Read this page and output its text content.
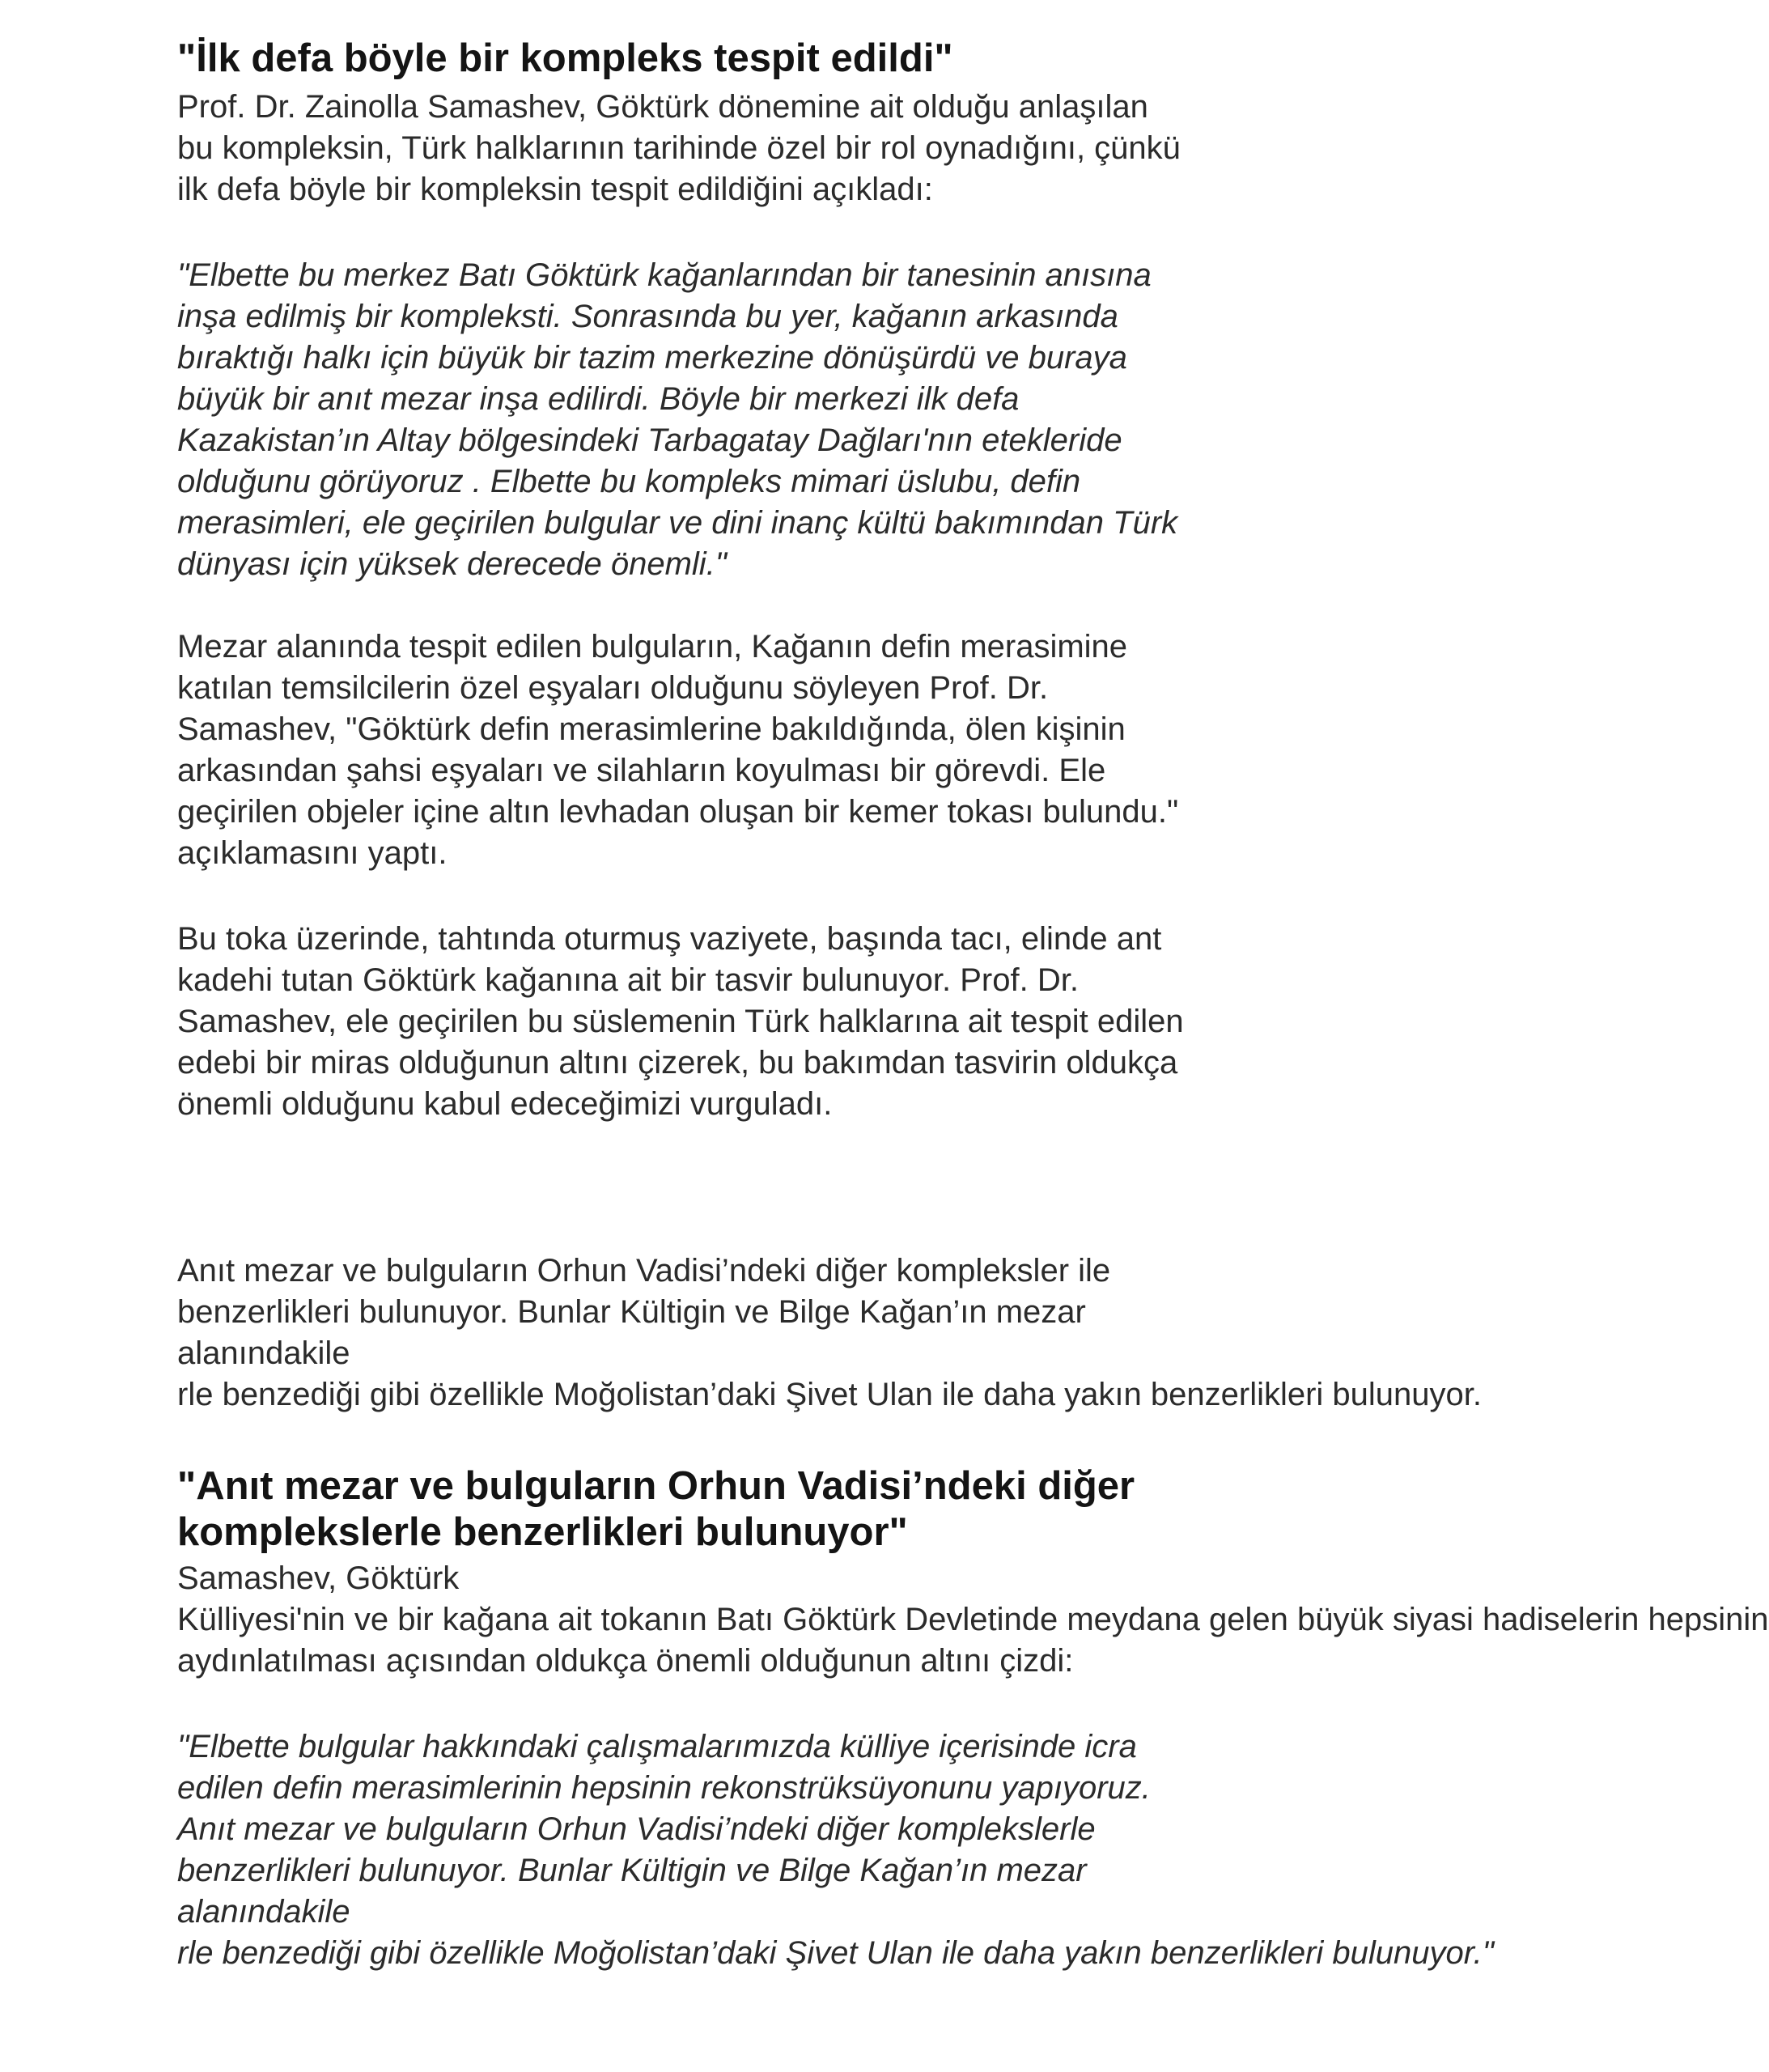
"İlk defa böyle bir kompleks tespit edildi"
Prof. Dr. Zainolla Samashev, Göktürk dönemine ait olduğu anlaşılan
bu kompleksin, Türk halklarının tarihinde özel bir rol oynadığını, çünkü
ilk defa böyle bir kompleksin tespit edildiğini açıkladı:
"Elbette bu merkez Batı Göktürk kağanlarından bir tanesinin anısına
inşa edilmiş bir kompleksti. Sonrasında bu yer, kağanın arkasında
bıraktığı halkı için büyük bir tazim merkezine dönüşürdü ve buraya
büyük bir anıt mezar inşa edilirdi. Böyle bir merkezi ilk defa
Kazakistan’ın Altay bölgesindeki Tarbagatay Dağları'nın etekleride
olduğunu görüyoruz . Elbette bu kompleks mimari üslubu, defin
merasimleri, ele geçirilen bulgular ve dini inanç kültü bakımından Türk
dünyası için yüksek derecede önemli."
Mezar alanında tespit edilen bulguların, Kağanın defin merasimine
katılan temsilcilerin özel eşyaları olduğunu söyleyen Prof. Dr.
Samashev, "Göktürk defin merasimlerine bakıldığında, ölen kişinin
arkasından şahsi eşyaları ve silahların koyulması bir görevdi. Ele
geçirilen objeler içine altın levhadan oluşan bir kemer tokası bulundu."
açıklamasını yaptı.
Bu toka üzerinde, tahtında oturmuş vaziyete, başında tacı, elinde ant
kadehi tutan Göktürk kağanına ait bir tasvir bulunuyor. Prof. Dr.
Samashev, ele geçirilen bu süslemenin Türk halklarına ait tespit edilen
edebi bir miras olduğunun altını çizerek, bu bakımdan tasvirin oldukça
önemli olduğunu kabul edeceğimizi vurguladı.
Anıt mezar ve bulguların Orhun Vadisi’ndeki diğer kompleksler ile
benzerlikleri bulunuyor. Bunlar Kültigin ve Bilge Kağan’ın mezar
alanındakile
rle benzediği gibi özellikle Moğolistan’daki Şivet Ulan ile daha yakın benzerlikleri bulunuyor.
"Anıt mezar ve bulguların Orhun Vadisi’ndeki diğer
komplekslerle benzerlikleri bulunuyor"
Samashev, Göktürk
Külliyesi'nin ve bir kağana ait tokanın Batı Göktürk Devletinde meydana gelen büyük siyasi hadiselerin hepsinin
aydınlatılması açısından oldukça önemli olduğunun altını çizdi:
"Elbette bulgular hakkındaki çalışmalarımızda külliye içerisinde icra
edilen defin merasimlerinin hepsinin rekonstrüksüyonunu yapıyoruz.
Anıt mezar ve bulguların Orhun Vadisi’ndeki diğer komplekslerle
benzerlikleri bulunuyor. Bunlar Kültigin ve Bilge Kağan’ın mezar
alanındakile
rle benzediği gibi özellikle Moğolistan’daki Şivet Ulan ile daha yakın benzerlikleri bulunuyor."
